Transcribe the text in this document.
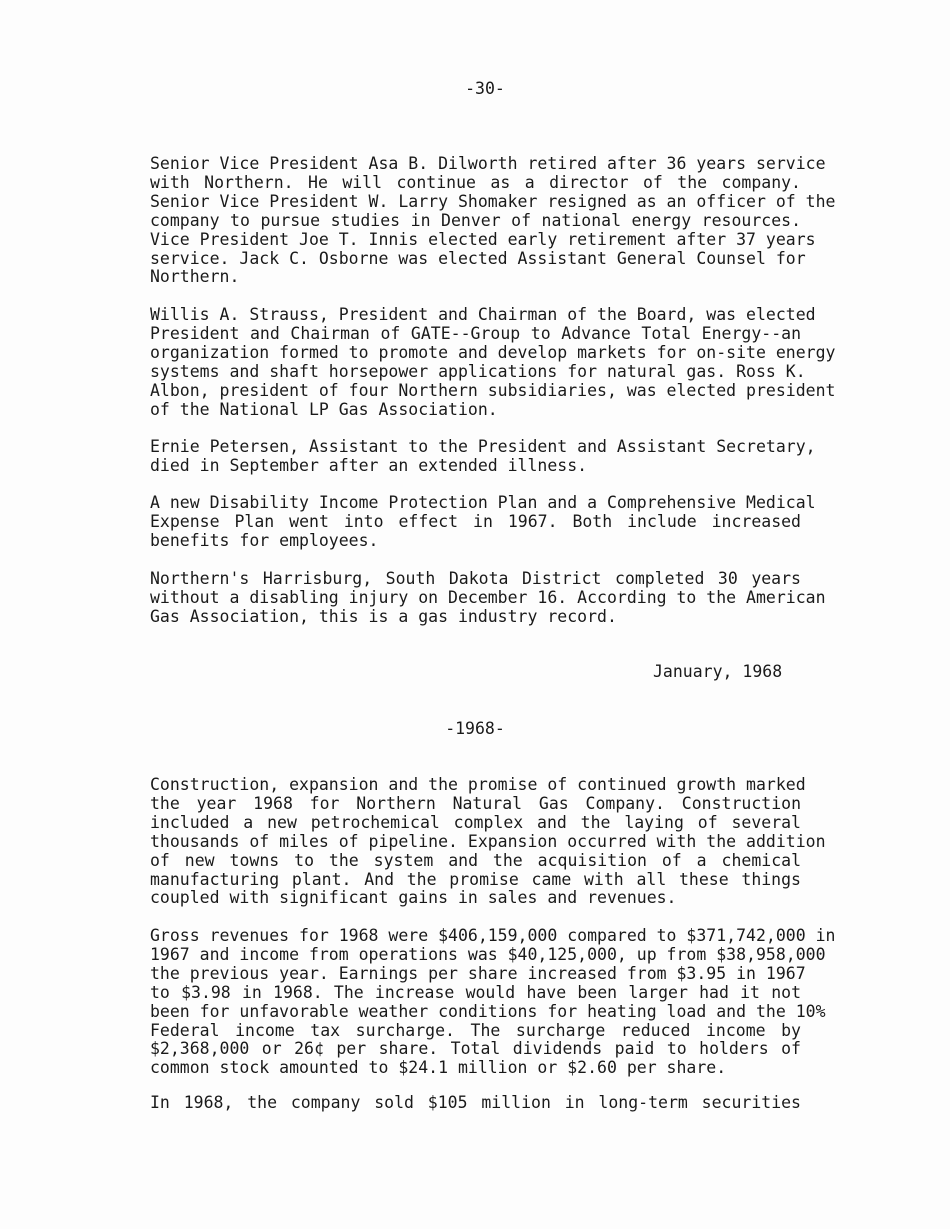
-30-
Senior Vice President Asa B. Dilworth retired after 36 years service
with Northern. He will continue as a director of the company.
Senior Vice President W. Larry Shomaker resigned as an officer of the
company to pursue studies in Denver of national energy resources.
Vice President Joe T. Innis elected early retirement after 37 years
service. Jack C. Osborne was elected Assistant General Counsel for
Northern.
Willis A. Strauss, President and Chairman of the Board, was elected
President and Chairman of GATE--Group to Advance Total Energy--an
organization formed to promote and develop markets for on-site energy
systems and shaft horsepower applications for natural gas. Ross K.
Albon, president of four Northern subsidiaries, was elected president
of the National LP Gas Association.
Ernie Petersen, Assistant to the President and Assistant Secretary,
died in September after an extended illness.
A new Disability Income Protection Plan and a Comprehensive Medical
Expense Plan went into effect in 1967. Both include increased
benefits for employees.
Northern's Harrisburg, South Dakota District completed 30 years
without a disabling injury on December 16. According to the American
Gas Association, this is a gas industry record.
January, 1968
-1968-
Construction, expansion and the promise of continued growth marked
the year 1968 for Northern Natural Gas Company. Construction
included a new petrochemical complex and the laying of several
thousands of miles of pipeline. Expansion occurred with the addition
of new towns to the system and the acquisition of a chemical
manufacturing plant. And the promise came with all these things
coupled with significant gains in sales and revenues.
Gross revenues for 1968 were $406,159,000 compared to $371,742,000 in
1967 and income from operations was $40,125,000, up from $38,958,000
the previous year. Earnings per share increased from $3.95 in 1967
to $3.98 in 1968. The increase would have been larger had it not
been for unfavorable weather conditions for heating load and the 10%
Federal income tax surcharge. The surcharge reduced income by
$2,368,000 or 26¢ per share. Total dividends paid to holders of
common stock amounted to $24.1 million or $2.60 per share.
In 1968, the company sold $105 million in long-term securities
